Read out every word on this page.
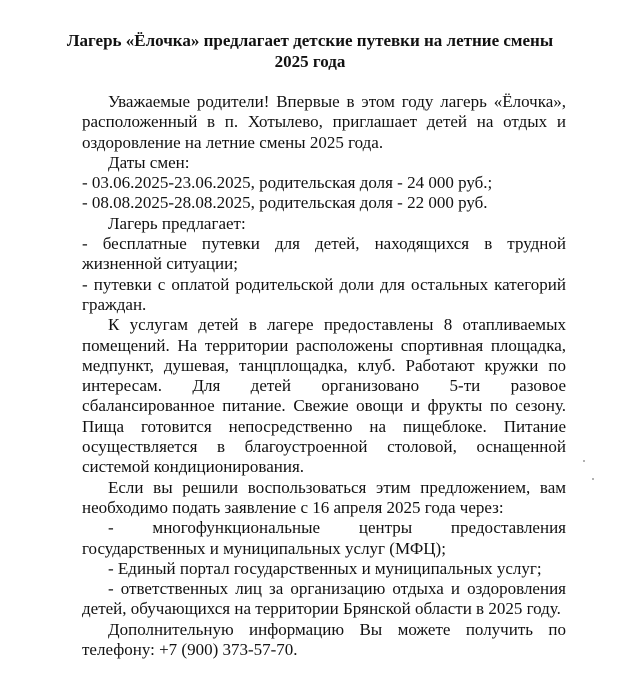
Лагерь «Ёлочка» предлагает детские путевки на летние смены 2025 года

Уважаемые родители! Впервые в этом году лагерь «Ёлочка», расположенный в п. Хотылево, приглашает детей на отдых и оздоровление на летние смены 2025 года.

Даты смен:

- 03.06.2025-23.06.2025, родительская доля - 24 000 руб.;

- 08.08.2025-28.08.2025, родительская доля - 22 000 руб.

Лагерь предлагает:

- бесплатные путевки для детей, находящихся в трудной жизненной ситуации;

- путевки с оплатой родительской доли для остальных категорий граждан.

К услугам детей в лагере предоставлены 8 отапливаемых помещений. На территории расположены спортивная площадка, медпункт, душевая, танцплощадка, клуб. Работают кружки по интересам. Для детей организовано 5-ти разовое сбалансированное питание. Свежие овощи и фрукты по сезону. Пища готовится непосредственно на пищеблоке. Питание осуществляется в благоустроенной столовой, оснащенной системой кондиционирования.

Если вы решили воспользоваться этим предложением, вам необходимо подать заявление с 16 апреля 2025 года через:

- многофункциональные центры предоставления государственных и муниципальных услуг (МФЦ);

- Единый портал государственных и муниципальных услуг;

- ответственных лиц за организацию отдыха и оздоровления детей, обучающихся на территории Брянской области в 2025 году.

Дополнительную информацию Вы можете получить по телефону: +7 (900) 373-57-70.
